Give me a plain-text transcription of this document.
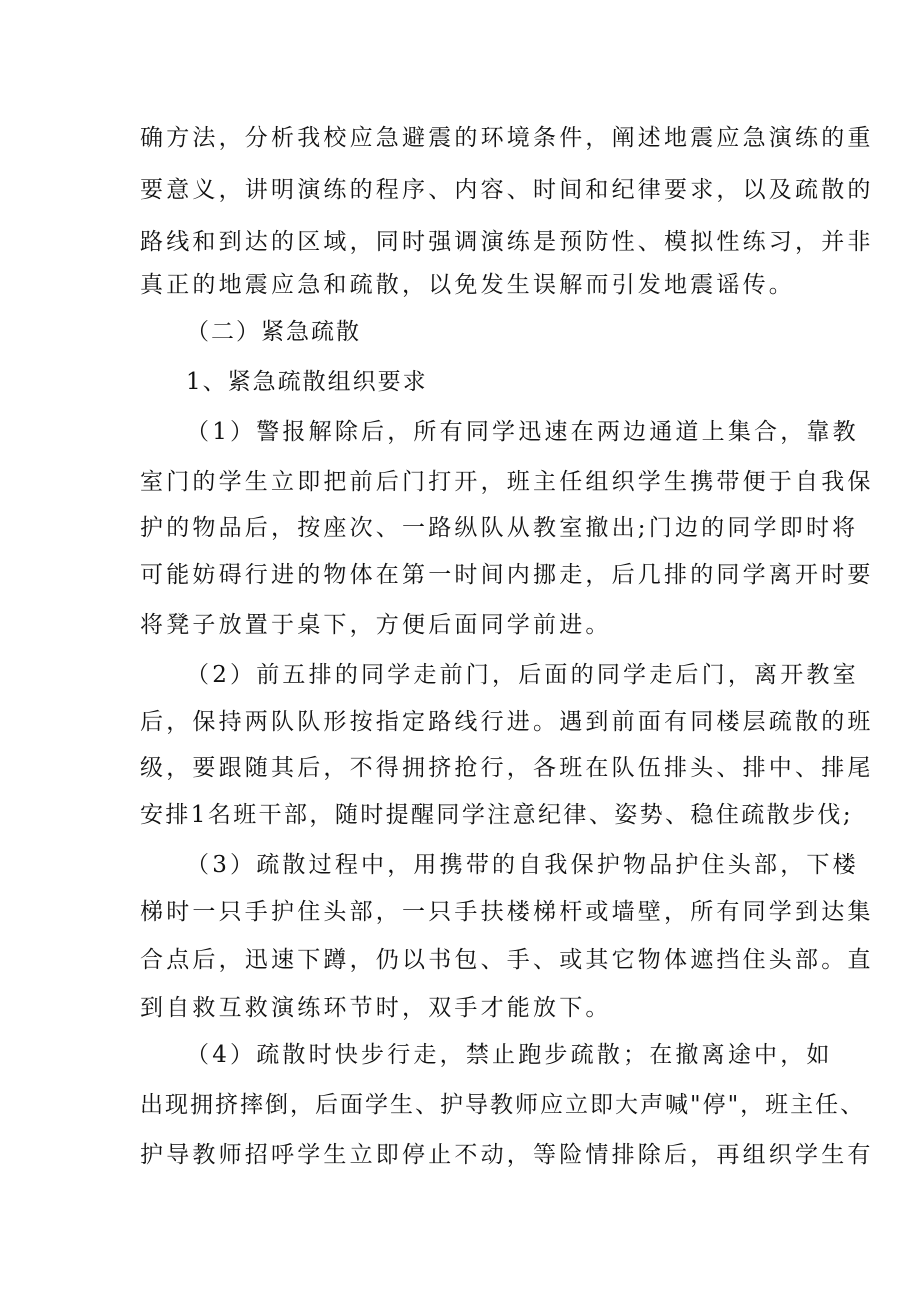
确方法，分析我校应急避震的环境条件，阐述地震应急演练的重
要意义，讲明演练的程序、内容、时间和纪律要求，以及疏散的
路线和到达的区域，同时强调演练是预防性、模拟性练习，并非
真正的地震应急和疏散，以免发生误解而引发地震谣传。
（二）紧急疏散
1、紧急疏散组织要求
（1）警报解除后，所有同学迅速在两边通道上集合，靠教
室门的学生立即把前后门打开，班主任组织学生携带便于自我保
护的物品后，按座次、一路纵队从教室撤出;门边的同学即时将
可能妨碍行进的物体在第一时间内挪走，后几排的同学离开时要
将凳子放置于桌下，方便后面同学前进。
（2）前五排的同学走前门，后面的同学走后门，离开教室
后，保持两队队形按指定路线行进。遇到前面有同楼层疏散的班
级，要跟随其后，不得拥挤抢行，各班在队伍排头、排中、排尾
安排1名班干部，随时提醒同学注意纪律、姿势、稳住疏散步伐;
（3）疏散过程中，用携带的自我保护物品护住头部，下楼
梯时一只手护住头部，一只手扶楼梯杆或墙壁，所有同学到达集
合点后，迅速下蹲，仍以书包、手、或其它物体遮挡住头部。直
到自救互救演练环节时，双手才能放下。
（4）疏散时快步行走，禁止跑步疏散；在撤离途中，如
出现拥挤摔倒，后面学生、护导教师应立即大声喊"停"，班主任、
护导教师招呼学生立即停止不动，等险情排除后，再组织学生有
